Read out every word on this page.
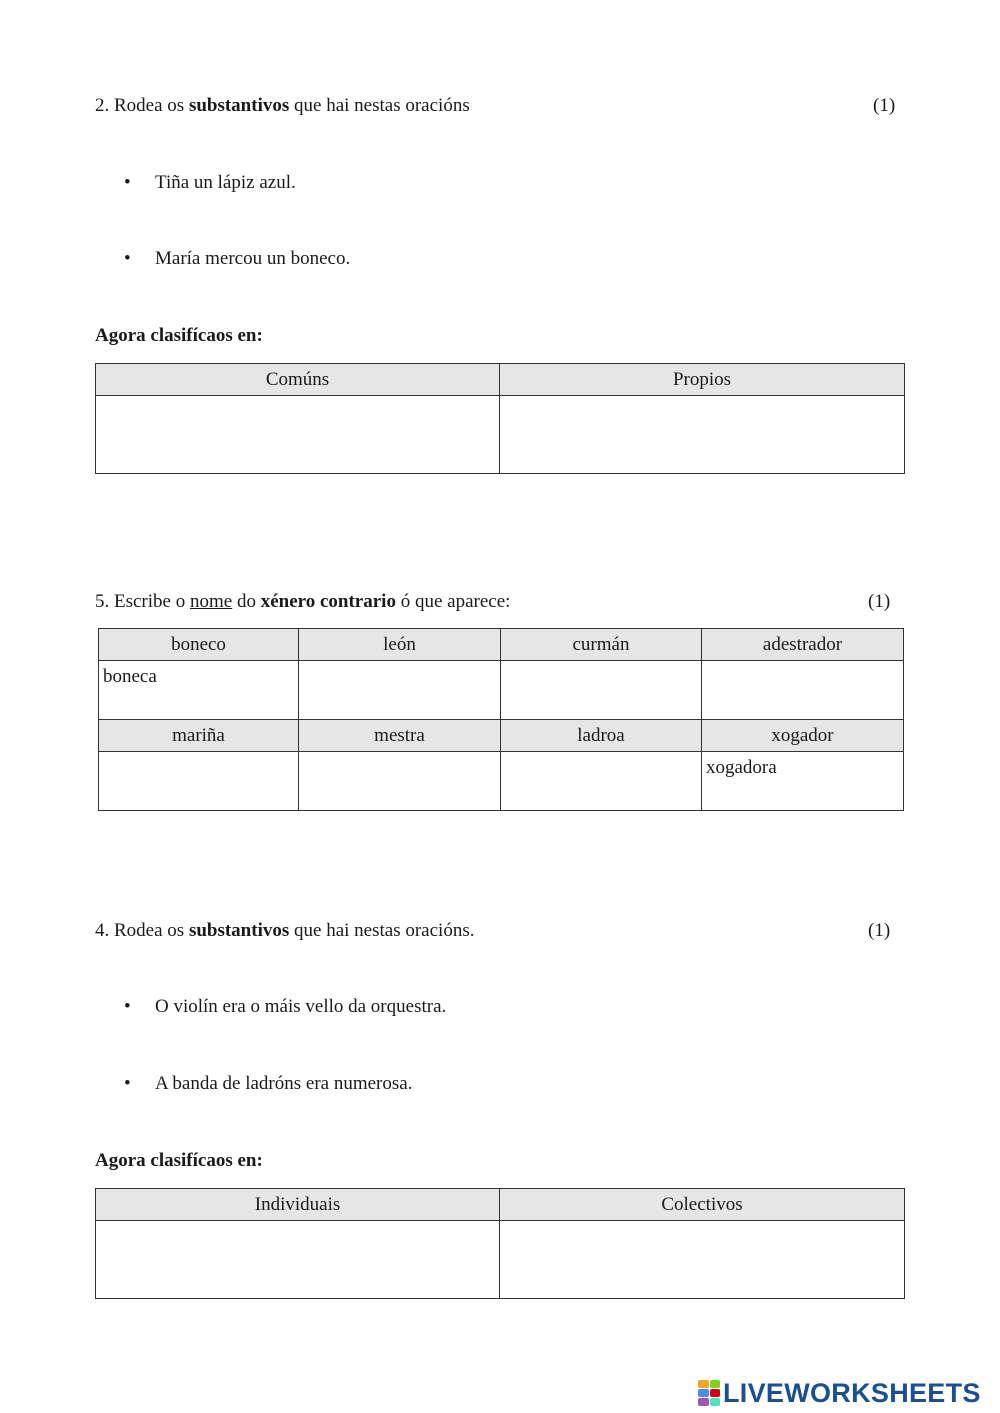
2. Rodea os substantivos que hai nestas oracións	(1)
• Tiña un lápiz azul.
• María mercou un boneco.
Agora clasifícaos en:
Comúns	Propios

5. Escribe o nome do xénero contrario ó que aparece:	(1)
boneco	león	curmán	adestrador
boneca			
mariña	mestra	ladroa	xogador
			xogadora
4. Rodea os substantivos que hai nestas oracións.	(1)
• O violín era o máis vello da orquestra.
• A banda de ladróns era numerosa.
Agora clasifícaos en:
Individuais	Colectivos

LIVEWORKSHEETS
